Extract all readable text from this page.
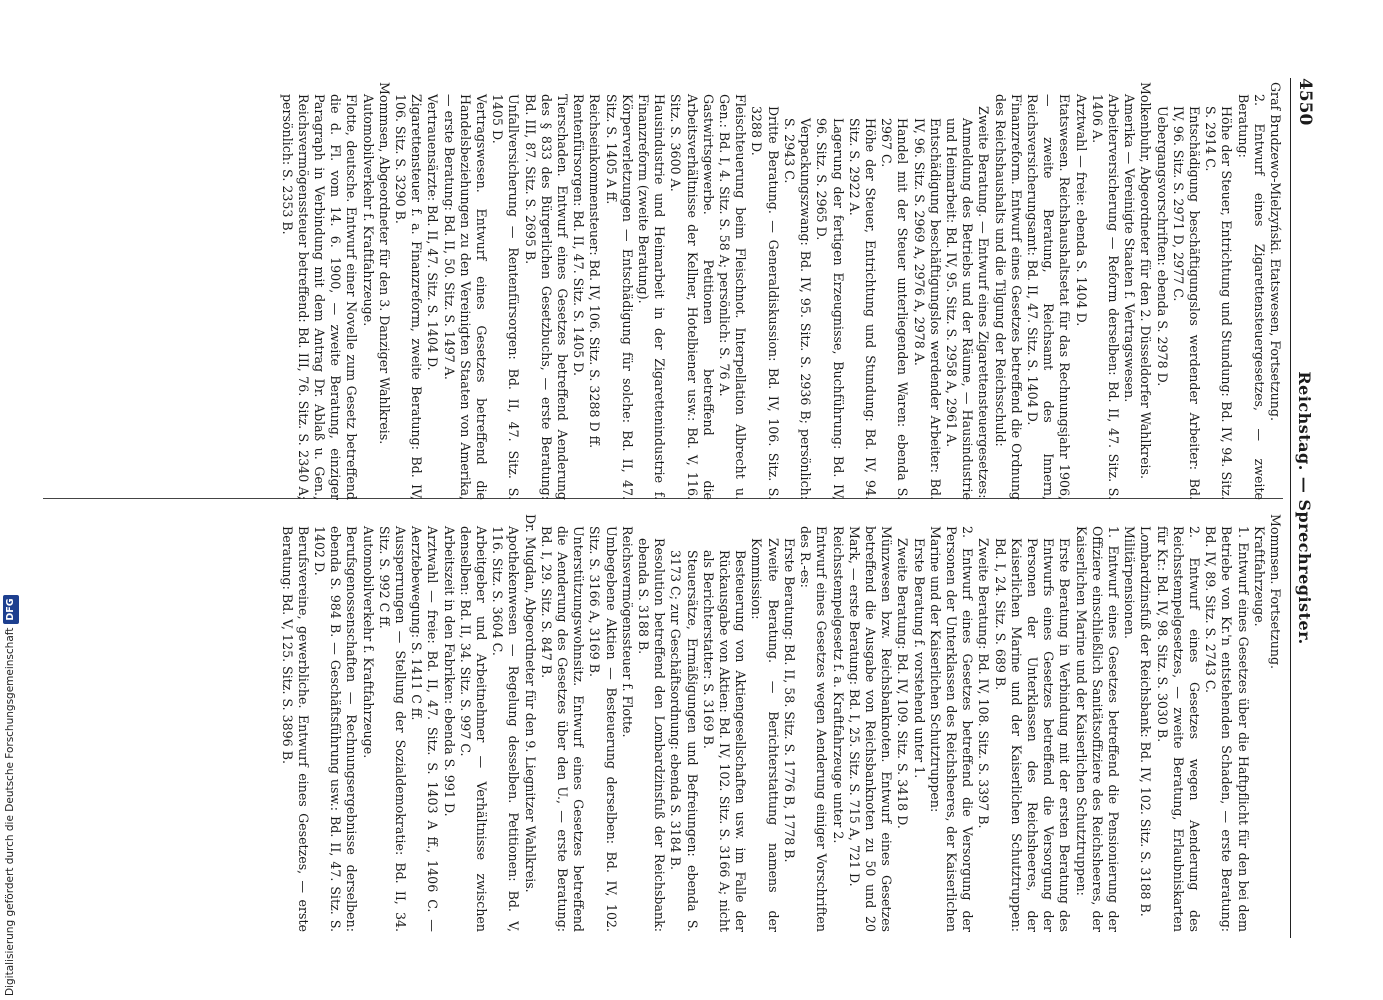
4550
Reichstag. — Sprechregister.

Graf Brudzewo-Mielzyński. Etatswesen, Fortsetzung.

2. Entwurf eines Zigarettensteuergesetzes, — zweite Beratung:

Höhe der Steuer, Entrichtung und Stundung: Bd. IV, 94. Sitz. S. 2914 C.

Entschädigung beschäftigungslos werdender Arbeiter: Bd. IV, 96. Sitz. S. 2971 D, 2977 C.

Uebergangsvorschriften: ebenda S. 2978 D.

Molkenbuhr, Abgeordneter für den 2. Düsseldorfer Wahlkreis.

Amerika — Vereinigte Staaten f. Vertragswesen.

Arbeiterversicherung — Reform derselben: Bd. II, 47. Sitz. S. 1406 A.

Arztwahl — freie: ebenda S. 1404 D.

Etatswesen. Reichshaushaltsetat für das Rechnungsjahr 1906, — zweite Beratung, Reichsamt des Innern, Reichsversicherungsamt: Bd. II, 47. Sitz. S. 1404 D.

Finanzreform. Entwurf eines Gesetzes betreffend die Ordnung des Reichshaushalts und die Tilgung der Reichsschuld:

Zweite Beratung. — Entwurf eines Zigarettensteuergesetzes:

Anmeldung des Betriebs und der Räume, — Hausindustrie und Heimarbeit: Bd. IV, 95. Sitz. S. 2958 A, 2961 A.

Entschädigung beschäftigungslos werdender Arbeiter: Bd. IV, 96. Sitz. S. 2969 A, 2976 A, 2978 A.

Handel mit der Steuer unterliegenden Waren: ebenda S. 2967 C.

Höhe der Steuer, Entrichtung und Stundung: Bd. IV, 94. Sitz. S. 2922 A.

Lagerung der fertigen Erzeugnisse, Buchführung: Bd. IV, 96. Sitz. S. 2965 D.

Verpackungszwang: Bd. IV, 95. Sitz. S. 2936 B; persönlich: S. 2943 C.

Dritte Beratung. — Generaldiskussion: Bd. IV, 106. Sitz. S. 3288 D.

Fleischteuerung beim Fleischnot. Interpellation Albrecht u. Gen.: Bd. I, 4. Sitz. S. 58 A; persönlich: S. 76 A.

Gastwirtsgewerbe. Petitionen betreffend die Arbeitsverhältnisse der Kellner, Hotelbiener usw.: Bd. V, 116. Sitz. S. 3600 A.

Hausindustrie und Heimarbeit in der Zigarettenindustrie f. Finanzreform (zweite Beratung).

Körperverletzungen — Entschädigung für solche: Bd. II, 47. Sitz. S. 1405 A ff.

Reichseinkommensteuer: Bd. IV, 106. Sitz. S. 3288 D ff.

Rentenfürsorgen: Bd. II, 47. Sitz. S. 1405 D.

Tierschaden. Entwurf eines Gesetzes betreffend Aenderung des § 833 des Bürgerlichen Gesetzbuchs, — erste Beratung: Bd. III, 87. Sitz. S. 2695 B.

Unfallversicherung — Rentenfürsorgen: Bd. II, 47. Sitz. S. 1405 D.

Vertragswesen. Entwurf eines Gesetzes betreffend die Handelsbeziehungen zu den Vereinigten Staaten von Amerika, — erste Beratung: Bd. II, 50. Sitz. S. 1497 A.

Vertrauensärzte: Bd. II, 47. Sitz. S. 1404 D.

Zigarettensteuer f. a. Finanzreform, zweite Beratung: Bd. IV, 106. Sitz. S. 3290 B.

Mommsen, Abgeordneter für den 3. Danziger Wahlkreis.

Automobilverkehr f. Kraftfahrzeuge.

Flotte, deutsche. Entwurf einer Novelle zum Gesetz betreffend die d. Fl. vom 14. 6. 1900, — zweite Beratung, einziger Paragraph in Verbindung mit dem Antrag Dr. Ablaß u. Gen., Reichsvermögenssteuer betreffend: Bd. III, 76. Sitz. S. 2340 A; persönlich: S. 2353 B.

Mommsen. Fortsetzung.

Kraftfahrzeuge.

1. Entwurf eines Gesetzes über die Haftpflicht für den bei dem Betriebe von Kr.'n entstehenden Schaden, — erste Beratung: Bd. IV, 89. Sitz. S. 2743 C.

2. Entwurf eines Gesetzes wegen Aenderung des Reichsstempelgesetzes, — zweite Beratung, Erlaubniskarten für Kr.: Bd. IV, 98. Sitz. S. 3030 B.

Lombardzinsfuß der Reichsbank: Bd. IV, 102. Sitz. S. 3188 B.

Militärpensionen.

1. Entwurf eines Gesetzes betreffend die Pensionierung der Offiziere einschließlich Sanitätsoffiziere des Reichsheeres, der Kaiserlichen Marine und der Kaiserlichen Schutztruppen:

Erste Beratung in Verbindung mit der ersten Beratung des Entwurfs eines Gesetzes betreffend die Versorgung der Personen der Unterklassen des Reichsheeres, der Kaiserlichen Marine und der Kaiserlichen Schutztruppen: Bd. I, 24. Sitz. S. 689 B.

Zweite Beratung: Bd. IV, 108. Sitz. S. 3397 B.

2. Entwurf eines Gesetzes betreffend die Versorgung der Personen der Unterklassen des Reichsheeres, der Kaiserlichen Marine und der Kaiserlichen Schutztruppen:

Erste Beratung f. vorstehend unter 1.

Zweite Beratung: Bd. IV, 109. Sitz. S. 3418 D.

Münzwesen bzw. Reichsbanknoten. Entwurf eines Gesetzes betreffend die Ausgabe von Reichsbanknoten zu 50 und 20 Mark, — erste Beratung: Bd. I, 25. Sitz. S. 715 A, 721 D.

Reichsstempelgesetz f. a. Kraftfahrzeuge unter 2.

Entwurf eines Gesetzes wegen Aenderung einiger Vorschriften des R.-es:

Erste Beratung: Bd. II, 58. Sitz. S. 1776 B, 1778 B.

Zweite Beratung. — Berichterstattung namens der Kommission:

Besteuerung von Aktiengesellschaften usw. im Falle der Rückausgabe von Aktien: Bd. IV, 102. Sitz. S. 3166 A; nicht als Berichterstatter: S. 3169 B.

Steuersätze, Ermäßigungen und Befreiungen: ebenda S. 3173 C; zur Geschäftsordnung: ebenda S. 3184 B.

Resolution betreffend den Lombardzinsfuß der Reichsbank: ebenda S. 3188 B.

Reichsvermögenssteuer f. Flotte.

Umbegebene Aktien — Besteuerung derselben: Bd. IV, 102. Sitz. S. 3166 A, 3169 B.

Unterstützungswohnsitz. Entwurf eines Gesetzes betreffend die Aenderung des Gesetzes über den U., — erste Beratung: Bd. I, 29. Sitz. S. 847 B.

Dr. Mugdan, Abgeordneter für den 9. Liegnitzer Wahlkreis.

Apothekenwesen — Regelung desselben. Petitionen: Bd. V, 116. Sitz. S. 3604 C.

Arbeitgeber und Arbeitnehmer — Verhältnisse zwischen denselben: Bd. II, 34. Sitz. S. 997 C.

Arbeitszeit in den Fabriken: ebenda S. 991 D.

Arztwahl — freie: Bd. II, 47. Sitz. S. 1403 A ff., 1406 C. — Aerztebewegung: S. 1411 C ff.

Aussperrungen — Stellung der Sozialdemokratie: Bd. II, 34. Sitz. S. 992 C ff.

Automobilverkehr f. Kraftfahrzeuge.

Berufsgenossenschaften — Rechnungsergebnisse derselben: ebenda S. 984 B. — Geschäftsführung usw.: Bd. II, 47. Sitz. S. 1402 D.

Berufsvereine, gewerbliche. Entwurf eines Gesetzes, — erste Beratung: Bd. V, 125. Sitz. S. 3896 B.

Digitalisierung gefördert durch die Deutsche ForschungsgemeinschaftDFG
